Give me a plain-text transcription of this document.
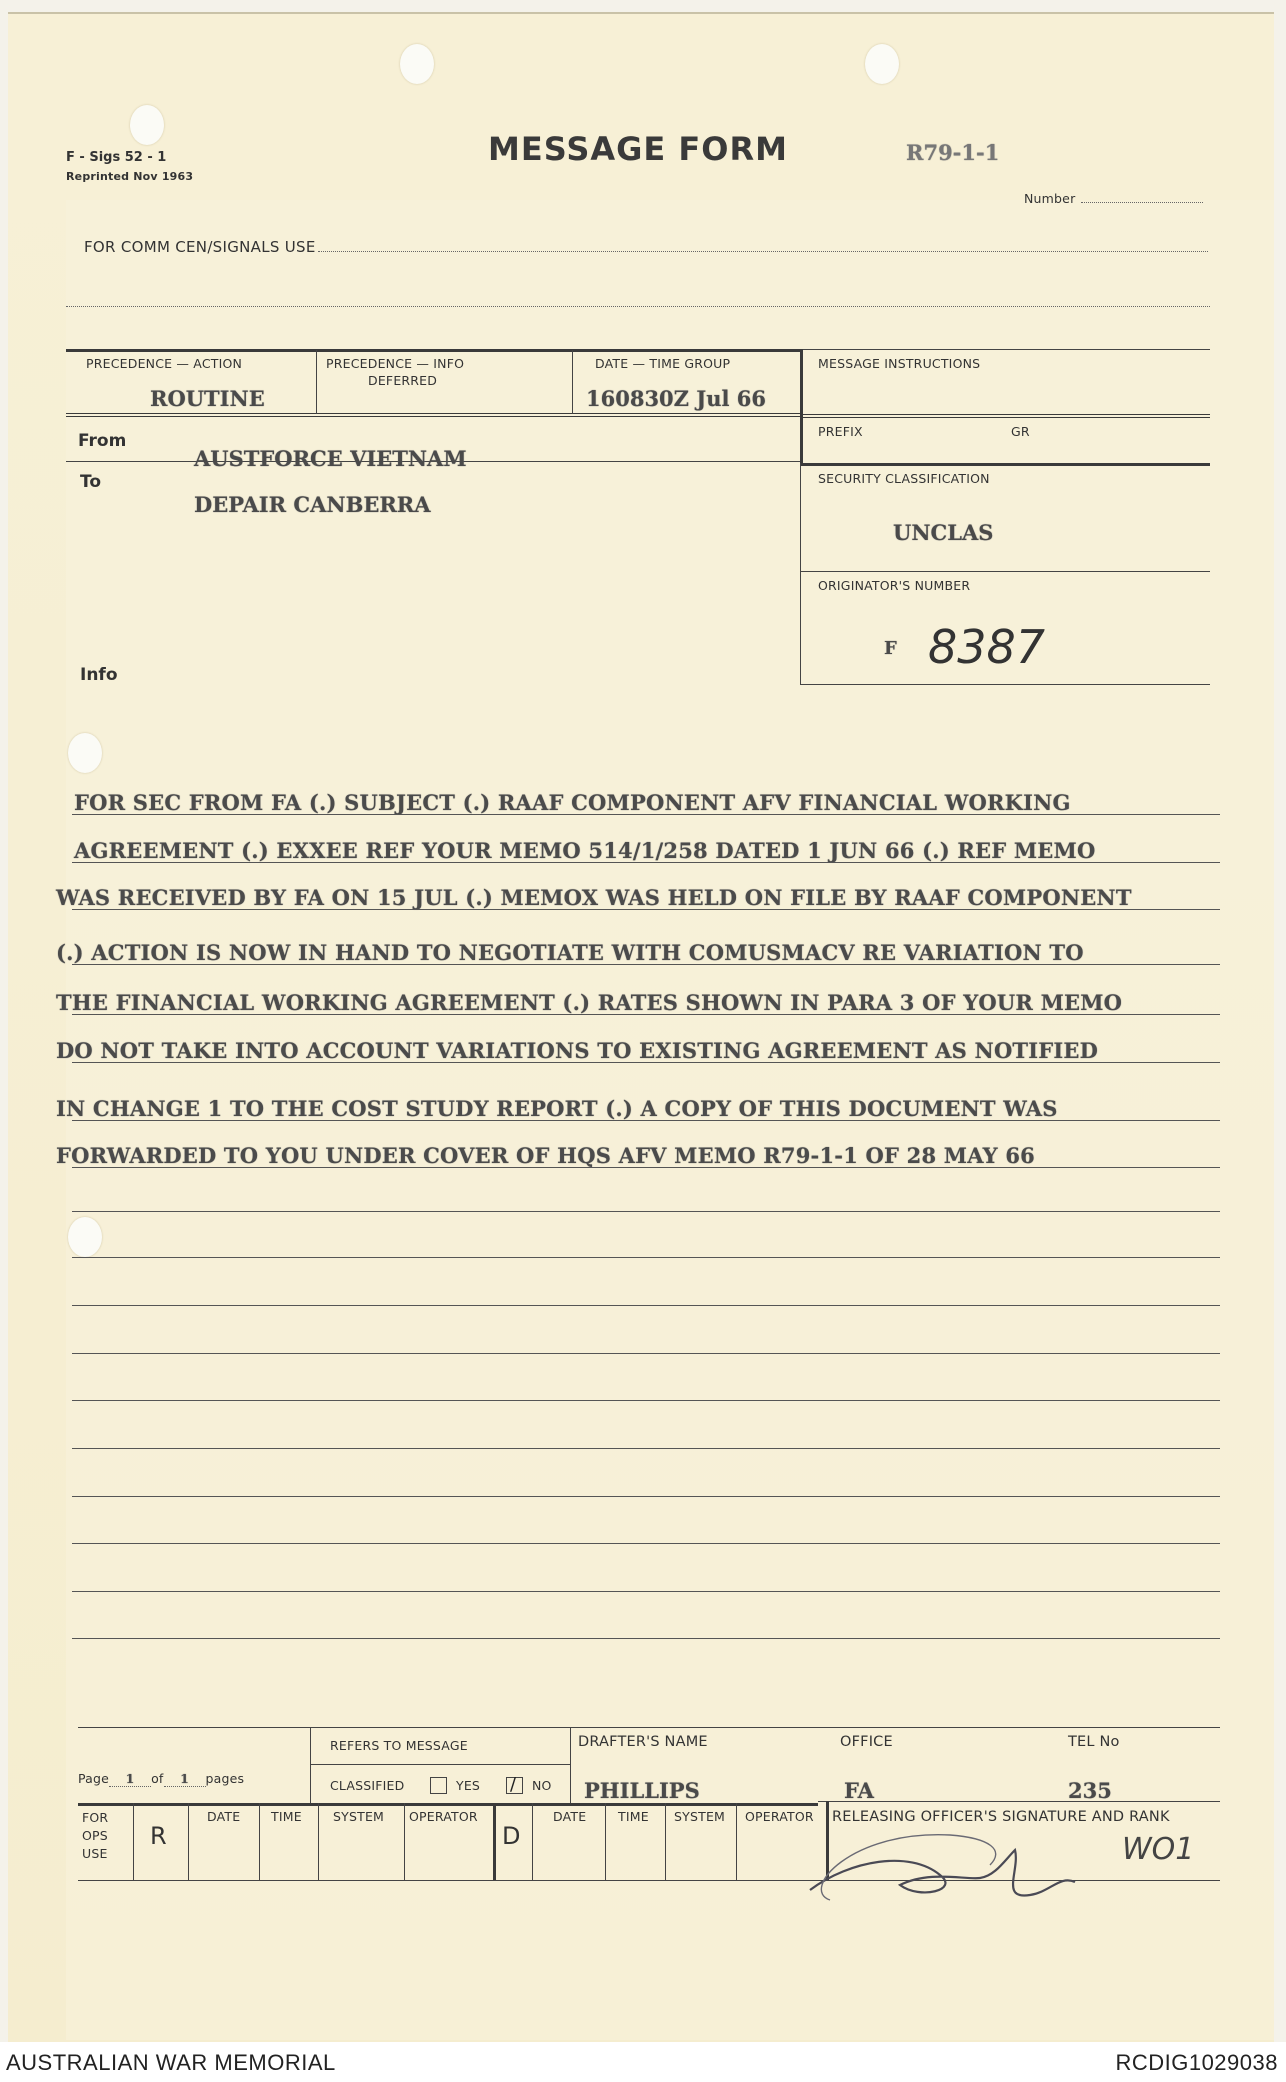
F - Sigs 52 - 1
Reprinted Nov 1963
MESSAGE FORM	R79-1-1
Number
FOR COMM CEN/SIGNALS USE
PRECEDENCE — ACTION
ROUTINE
PRECEDENCE — INFO
DEFERRED
DATE — TIME GROUP
160830Z Jul 66
MESSAGE INSTRUCTIONS
PREFIX	GR
SECURITY CLASSIFICATION
UNCLAS
ORIGINATOR'S NUMBER
F 8387
From
AUSTFORCE VIETNAM
To
DEPAIR CANBERRA
Info
FOR SEC FROM FA (.) SUBJECT (.) RAAF COMPONENT AFV FINANCIAL WORKING
AGREEMENT (.) EXXEE REF YOUR MEMO 514/1/258 DATED 1 JUN 66 (.) REF MEMO
WAS RECEIVED BY FA ON 15 JUL (.) MEMOX WAS HELD ON FILE BY RAAF COMPONENT
(.) ACTION IS NOW IN HAND TO NEGOTIATE WITH COMUSMACV RE VARIATION TO
THE FINANCIAL WORKING AGREEMENT (.) RATES SHOWN IN PARA 3 OF YOUR MEMO
DO NOT TAKE INTO ACCOUNT VARIATIONS TO EXISTING AGREEMENT AS NOTIFIED
IN CHANGE 1 TO THE COST STUDY REPORT (.) A COPY OF THIS DOCUMENT WAS
FORWARDED TO YOU UNDER COVER OF HQS AFV MEMO R79-1-1 OF 28 MAY 66
Page 1 of 1 pages
REFERS TO MESSAGE
CLASSIFIED	YES / NO
DRAFTER'S NAME
PHILLIPS
OFFICE
FA
TEL No
235
FOR
OPS
USE
R
DATE TIME SYSTEM OPERATOR
D
DATE	TIME SYSTEM OPERATOR RELEASING OFFICER'S SIGNATURE AND RANK
WO1
AUSTRALIAN WAR MEMORIAL	RCDIG1029038
